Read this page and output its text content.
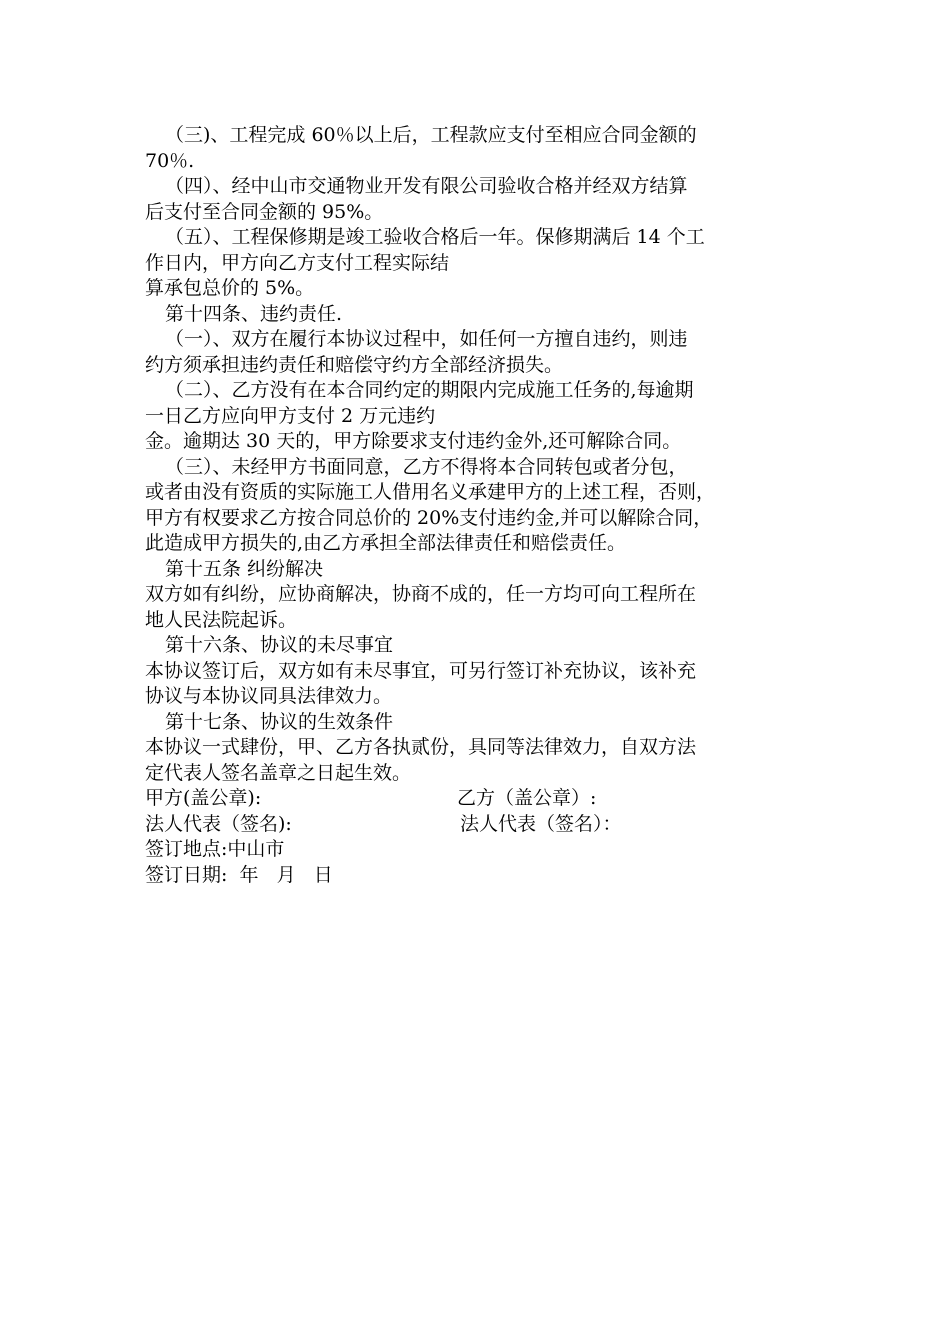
（三)、工程完成 60％以上后，工程款应支付至相应合同金额的
70％.
（四）、经中山市交通物业开发有限公司验收合格并经双方结算
后支付至合同金额的 95%。
（五）、工程保修期是竣工验收合格后一年。保修期满后 14 个工
作日内，甲方向乙方支付工程实际结
算承包总价的 5%。
第十四条、违约责任.
（一）、双方在履行本协议过程中，如任何一方擅自违约，则违
约方须承担违约责任和赔偿守约方全部经济损失。
（二）、乙方没有在本合同约定的期限内完成施工任务的,每逾期
一日乙方应向甲方支付 2 万元违约
金。逾期达 30 天的，甲方除要求支付违约金外,还可解除合同。
（三）、未经甲方书面同意，乙方不得将本合同转包或者分包，
或者由没有资质的实际施工人借用名义承建甲方的上述工程，否则，
甲方有权要求乙方按合同总价的 20%支付违约金,并可以解除合同，
此造成甲方损失的,由乙方承担全部法律责任和赔偿责任。
第十五条 纠纷解决
双方如有纠纷，应协商解决，协商不成的，任一方均可向工程所在
地人民法院起诉。
第十六条、协议的未尽事宜
本协议签订后，双方如有未尽事宜，可另行签订补充协议，该补充
协议与本协议同具法律效力。
第十七条、协议的生效条件
本协议一式肆份，甲、乙方各执贰份，具同等法律效力，自双方法
定代表人签名盖章之日起生效。
甲方(盖公章):	乙方（盖公章）:
法人代表（签名):	法人代表（签名）：
签订地点:中山市
签订日期:  年   月   日
